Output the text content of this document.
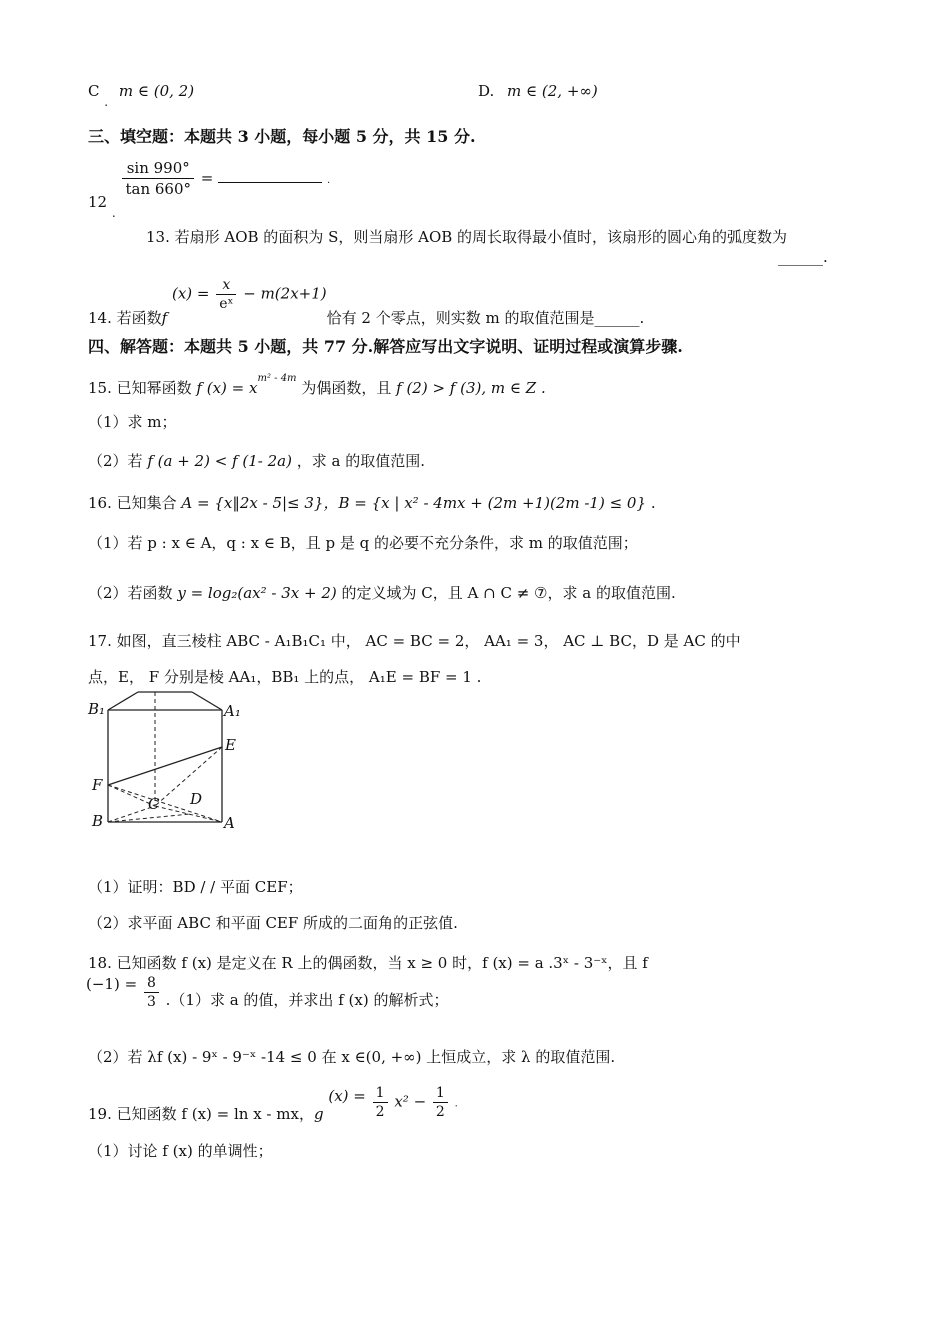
C $_.$ m ∈ (0, 2)	D. m ∈ (2, +∞)
三、填空题：本题共 3 小题，每小题 5 分，共 15 分.
12 $_.$
$\frac{\sin 990^\circ}{\tan 660^\circ}$ =	$_.$
13. 若扇形 AOB 的面积为 S，则当扇形 AOB 的周长取得最小值时，该扇形的圆心角的弧度数为
______.
14. 若函数f $(x) = \frac{x}{\text{eˣ}} - m(2x+1)$恰有 2 个零点，则实数 m 的取值范围是______.
四、解答题：本题共 5 小题，共 77 分.解答应写出文字说明、证明过程或演算步骤.
15. 已知幂函数 f $(x) = x^{m^2 - 4m}$ 为偶函数，且 f (2) > f (3), m ∈ Z .
（1）求 m；
（2）若 f (a + 2) < f (1- 2a) ，求 a 的取值范围.
16. 已知集合 A = {x‖2x - 5|≤ 3}，B = {x | x² - 4mx + (2m +1)(2m -1) ≤ 0} .
（1）若 p : x ∈ A，q : x ∈ B，且 p 是 q 的必要不充分条件，求 m 的取值范围；
（2）若函数 y = log₂(ax² - 3x + 2) 的定义域为 C，且 A ∩ C ≠ ⑦，求 a 的取值范围.
17. 如图，直三棱柱 ABC - A₁B₁C₁ 中， AC = BC = 2， AA₁ = 3， AC ⊥ BC，D 是 AC 的中
点，E， F 分别是棱 AA₁，BB₁ 上的点， A₁E = BF = 1 .
B₁	A₁
E
F
C D
B	A
（1）证明：BD / / 平面 CEF；
（2）求平面 ABC 和平面 CEF 所成的二面角的正弦值.
18. 已知函数 f (x) 是定义在 R 上的偶函数，当 x ≥ 0 时，f (x) = a .3ˣ - 3⁻ˣ，且 f
$(-1) = \frac{8}{3} .(1)$求 a 的值，并求出 f (x) 的解析式；
（2）若 λf (x) - 9ˣ - 9⁻ˣ -14 ≤ 0 在 x ∈(0, +∞) 上恒成立，求 λ 的取值范围.
19. 已知函数 f (x) = ln x - mx，g $(x) = \frac{1}{2} x^2 - \frac{1}{2}$ .
（1）讨论 f (x) 的单调性；
